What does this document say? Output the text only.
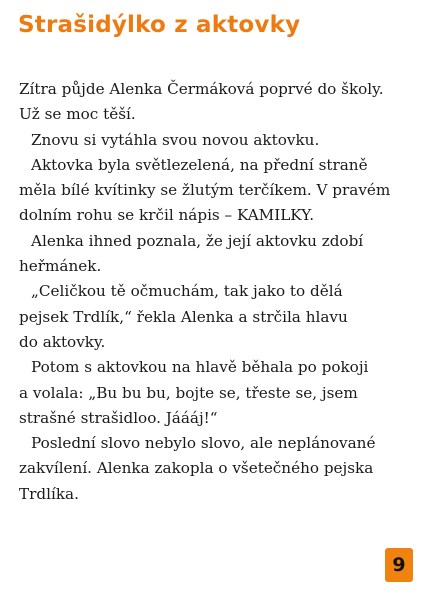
Strašidýlko z aktovky
Zítra půjde Alenka Čermáková poprvé do školy.
Už se moc těší.
Znovu si vytáhla svou novou aktovku.
Aktovka byla světlezelená, na přední straně
měla bílé kvítinky se žlutým terčíkem. V pravém
dolním rohu se krčil nápis – KAMILKY.
Alenka ihned poznala, že její aktovku zdobí
heřmánek.
„Celičkou tě očmuchám, tak jako to dělá
pejsek Trdlík,“ řekla Alenka a strčila hlavu
do aktovky.
Potom s aktovkou na hlavě běhala po pokoji
a volala: „Bu bu bu, bojte se, třeste se, jsem
strašné strašidloo. Jáááj!“
Poslední slovo nebylo slovo, ale neplánované
zakvílení. Alenka zakopla o všetečného pejska
Trdlíka.
9
